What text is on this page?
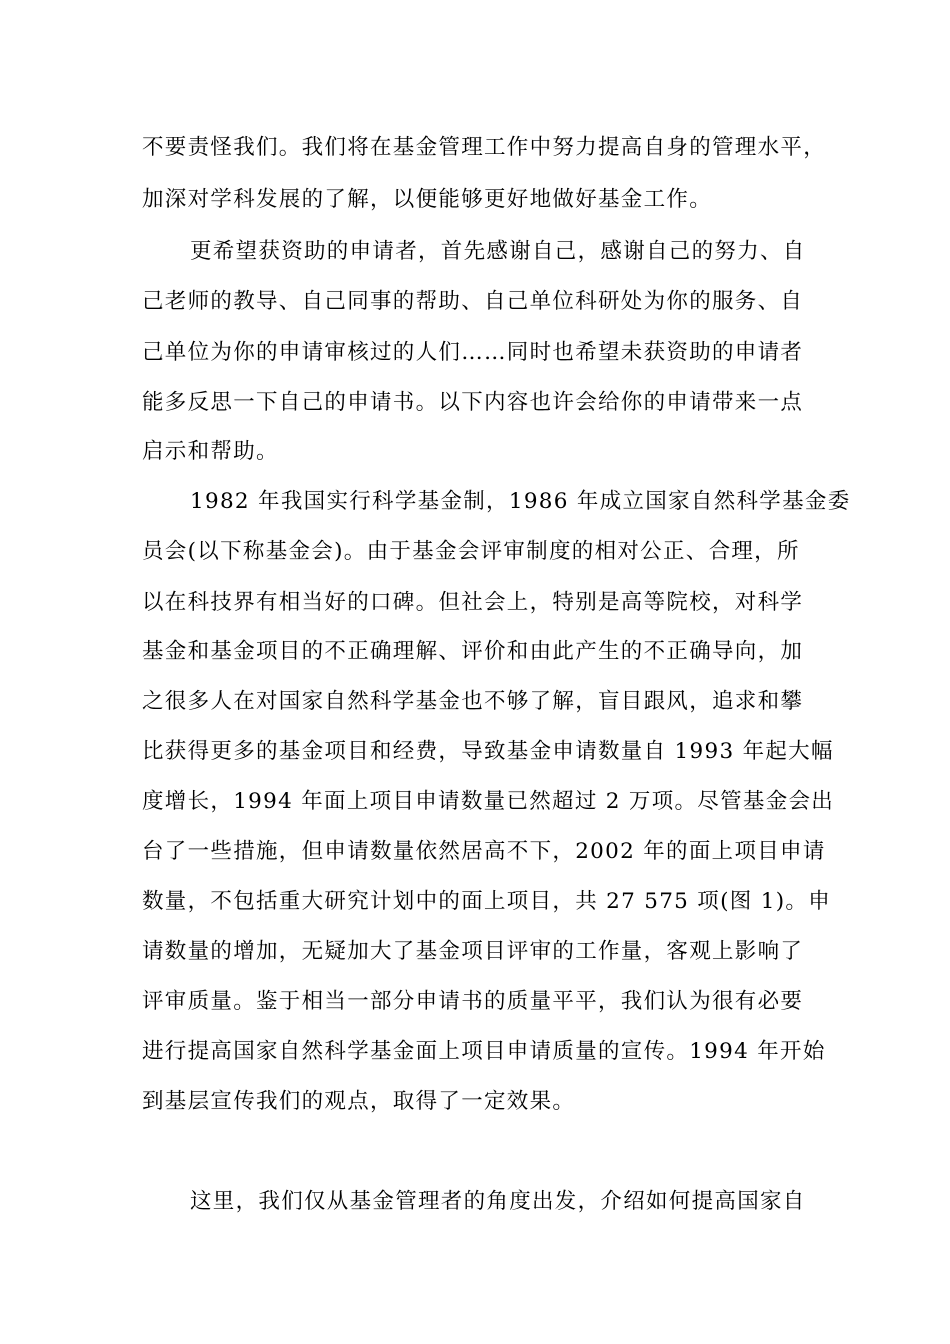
不要责怪我们。我们将在基金管理工作中努力提高自身的管理水平，
加深对学科发展的了解，以便能够更好地做好基金工作。
更希望获资助的申请者，首先感谢自己，感谢自己的努力、自
己老师的教导、自己同事的帮助、自己单位科研处为你的服务、自
己单位为你的申请审核过的人们……同时也希望未获资助的申请者
能多反思一下自己的申请书。以下内容也许会给你的申请带来一点
启示和帮助。
1982 年我国实行科学基金制，1986 年成立国家自然科学基金委
员会(以下称基金会)。由于基金会评审制度的相对公正、合理，所
以在科技界有相当好的口碑。但社会上，特别是高等院校，对科学
基金和基金项目的不正确理解、评价和由此产生的不正确导向，加
之很多人在对国家自然科学基金也不够了解，盲目跟风，追求和攀
比获得更多的基金项目和经费，导致基金申请数量自 1993 年起大幅
度增长，1994 年面上项目申请数量已然超过 2 万项。尽管基金会出
台了一些措施，但申请数量依然居高不下，2002 年的面上项目申请
数量，不包括重大研究计划中的面上项目，共 27 575 项(图 1)。申
请数量的增加，无疑加大了基金项目评审的工作量，客观上影响了
评审质量。鉴于相当一部分申请书的质量平平，我们认为很有必要
进行提高国家自然科学基金面上项目申请质量的宣传。1994 年开始
到基层宣传我们的观点，取得了一定效果。
这里，我们仅从基金管理者的角度出发，介绍如何提高国家自
